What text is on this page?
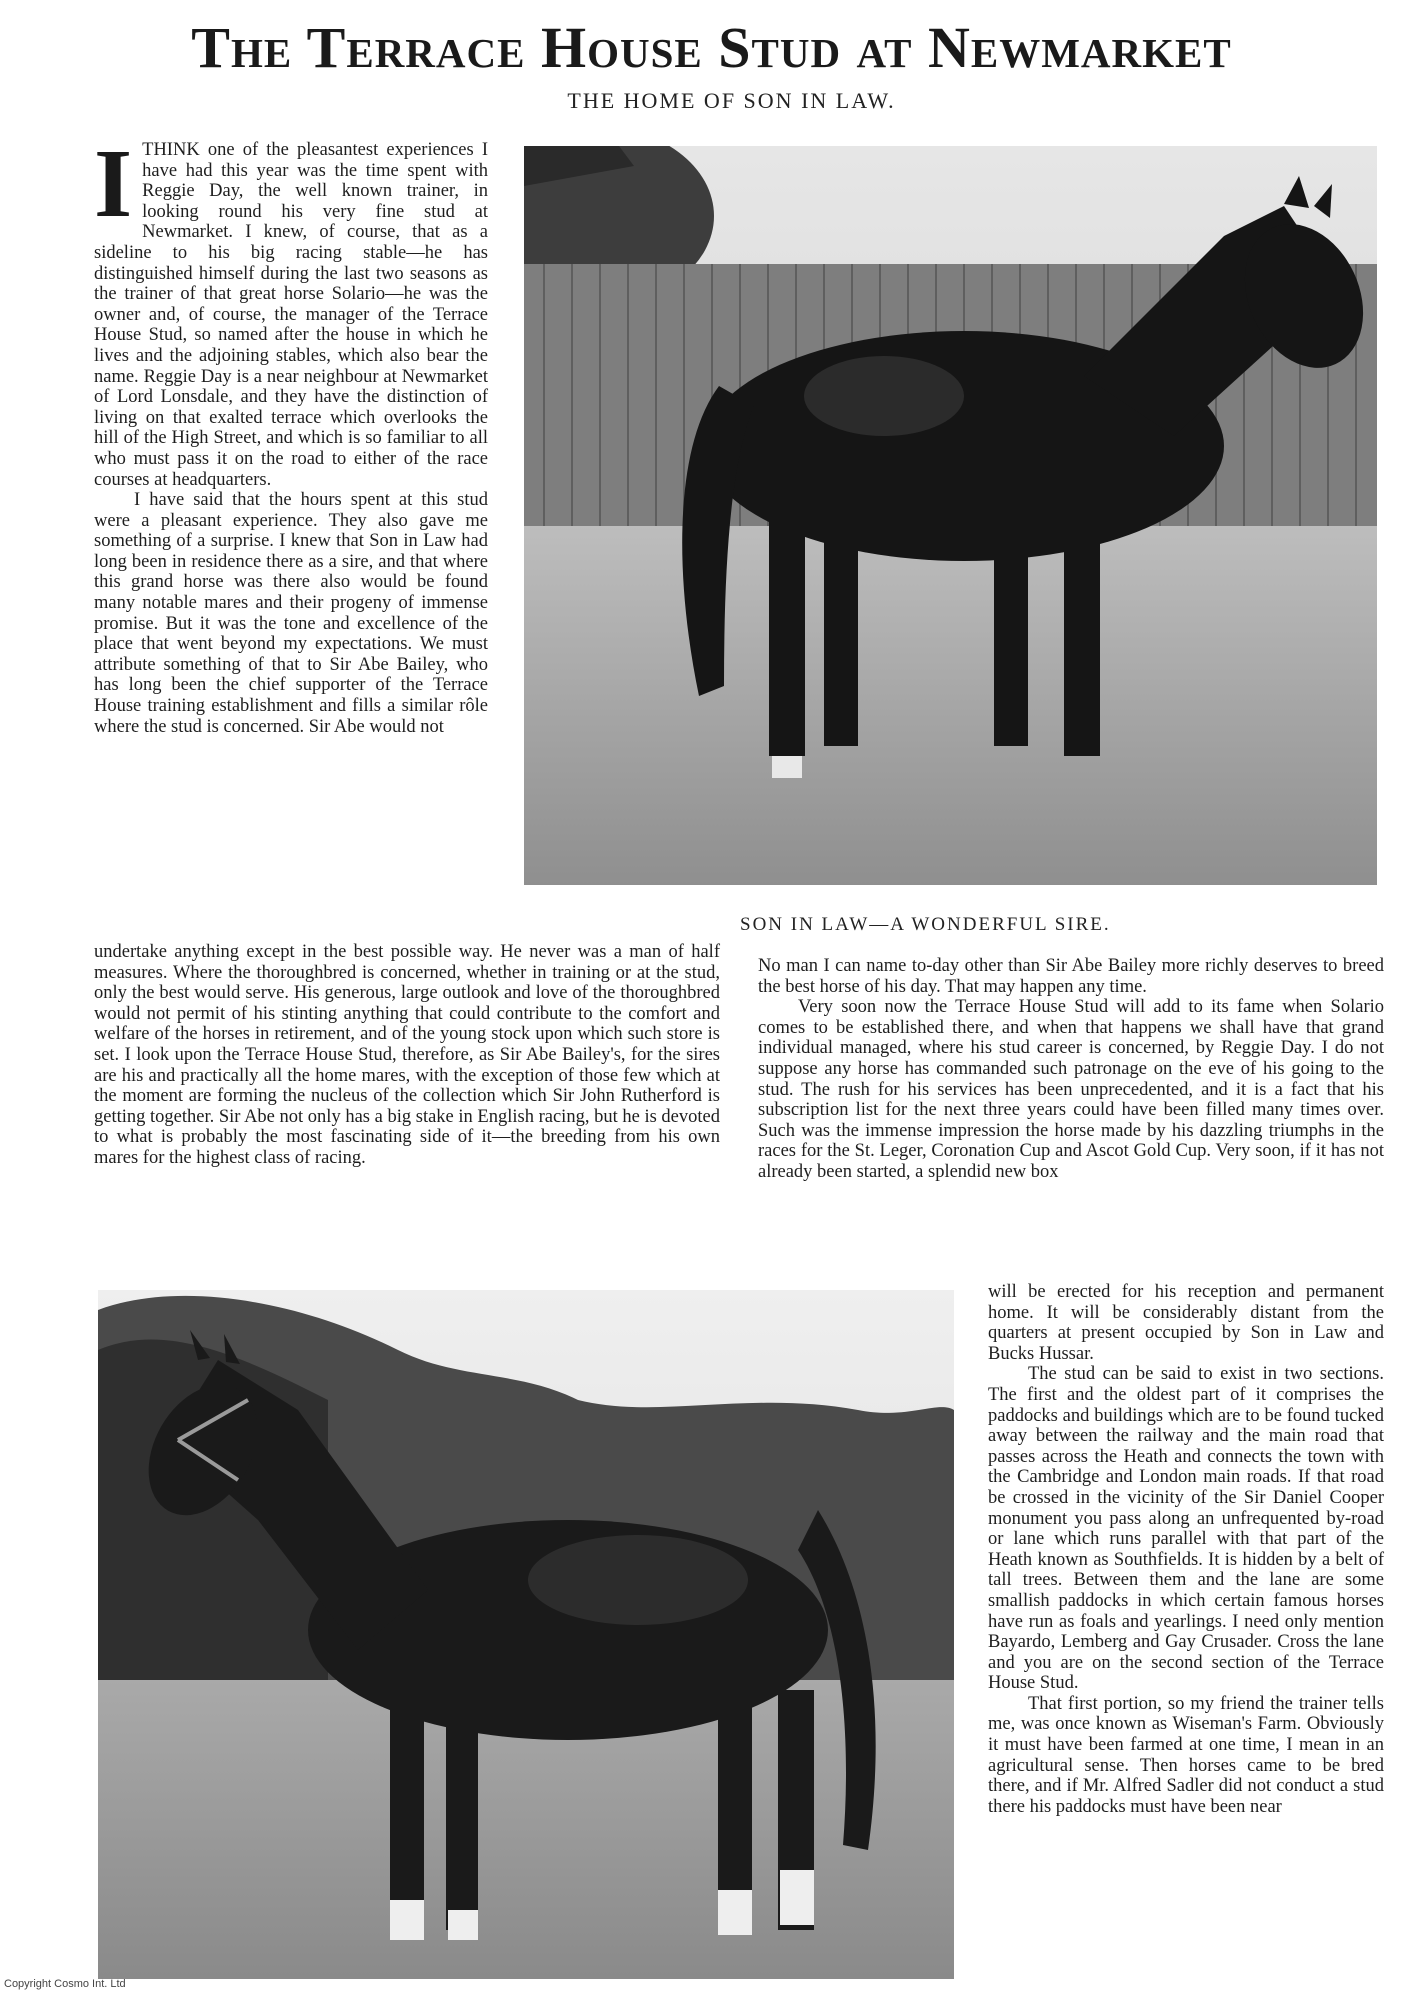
The Terrace House Stud at Newmarket
THE HOME OF SON IN LAW.

ITHINK one of the pleasantest experiences I have had this year was the time spent with Reggie Day, the well known trainer, in looking round his very fine stud at Newmarket. I knew, of course, that as a sideline to his big racing stable—he has distinguished himself during the last two seasons as the trainer of that great horse Solario—he was the owner and, of course, the manager of the Terrace House Stud, so named after the house in which he lives and the adjoining stables, which also bear the name. Reggie Day is a near neighbour at Newmarket of Lord Lonsdale, and they have the distinction of living on that exalted terrace which overlooks the hill of the High Street, and which is so familiar to all who must pass it on the road to either of the race courses at headquarters.

I have said that the hours spent at this stud were a pleasant experience. They also gave me something of a surprise. I knew that Son in Law had long been in residence there as a sire, and that where this grand horse was there also would be found many notable mares and their progeny of immense promise. But it was the tone and excellence of the place that went beyond my expectations. We must attribute something of that to Sir Abe Bailey, who has long been the chief supporter of the Terrace House training establishment and fills a similar rôle where the stud is concerned. Sir Abe would not

SON IN LAW—A WONDERFUL SIRE.

undertake anything except in the best possible way. He never was a man of half measures. Where the thoroughbred is concerned, whether in training or at the stud, only the best would serve. His generous, large outlook and love of the thoroughbred would not permit of his stinting anything that could contribute to the comfort and welfare of the horses in retirement, and of the young stock upon which such store is set. I look upon the Terrace House Stud, therefore, as Sir Abe Bailey's, for the sires are his and practically all the home mares, with the exception of those few which at the moment are forming the nucleus of the collection which Sir John Rutherford is getting together. Sir Abe not only has a big stake in English racing, but he is devoted to what is probably the most fascinating side of it—the breeding from his own mares for the highest class of racing.

No man I can name to-day other than Sir Abe Bailey more richly deserves to breed the best horse of his day. That may happen any time.

Very soon now the Terrace House Stud will add to its fame when Solario comes to be established there, and when that happens we shall have that grand individual managed, where his stud career is concerned, by Reggie Day. I do not suppose any horse has commanded such patronage on the eve of his going to the stud. The rush for his services has been unprecedented, and it is a fact that his subscription list for the next three years could have been filled many times over. Such was the immense impression the horse made by his dazzling triumphs in the races for the St. Leger, Coronation Cup and Ascot Gold Cup. Very soon, if it has not already been started, a splendid new box

will be erected for his reception and permanent home. It will be considerably distant from the quarters at present occupied by Son in Law and Bucks Hussar.

The stud can be said to exist in two sections. The first and the oldest part of it comprises the paddocks and buildings which are to be found tucked away between the railway and the main road that passes across the Heath and connects the town with the Cambridge and London main roads. If that road be crossed in the vicinity of the Sir Daniel Cooper monument you pass along an unfrequented by-road or lane which runs parallel with that part of the Heath known as Southfields. It is hidden by a belt of tall trees. Between them and the lane are some smallish paddocks in which certain famous horses have run as foals and yearlings. I need only mention Bayardo, Lemberg and Gay Crusader. Cross the lane and you are on the second section of the Terrace House Stud.

That first portion, so my friend the trainer tells me, was once known as Wiseman's Farm. Obviously it must have been farmed at one time, I mean in an agricultural sense. Then horses came to be bred there, and if Mr. Alfred Sadler did not conduct a stud there his paddocks must have been near

Copyright Cosmo Int. Ltd
